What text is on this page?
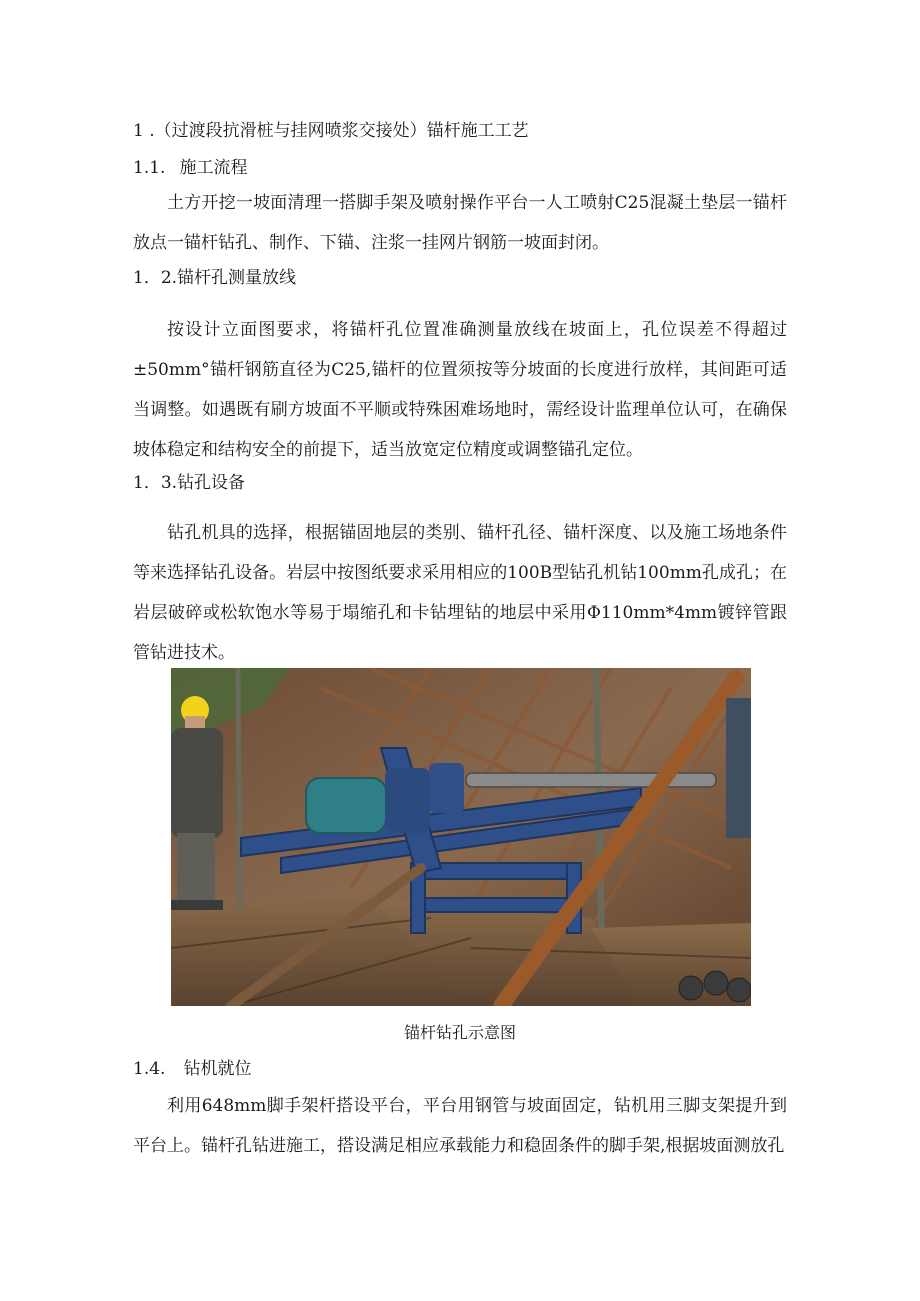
1 .（过渡段抗滑桩与挂网喷浆交接处）锚杆施工工艺
1.1. 施工流程
土方开挖一坡面清理一搭脚手架及喷射操作平台一人工喷射C25混凝土垫层一锚杆放点一锚杆钻孔、制作、下锚、注浆一挂网片钢筋一坡面封闭。
1．2.锚杆孔测量放线
按设计立面图要求，将锚杆孔位置准确测量放线在坡面上，孔位误差不得超过±50mm°锚杆钢筋直径为C25,锚杆的位置须按等分坡面的长度进行放样，其间距可适当调整。如遇既有刷方坡面不平顺或特殊困难场地时，需经设计监理单位认可，在确保坡体稳定和结构安全的前提下，适当放宽定位精度或调整锚孔定位。
1．3.钻孔设备
钻孔机具的选择，根据锚固地层的类别、锚杆孔径、锚杆深度、以及施工场地条件等来选择钻孔设备。岩层中按图纸要求采用相应的100B型钻孔机钻100mm孔成孔；在岩层破碎或松软饱水等易于塌缩孔和卡钻埋钻的地层中采用Φ110mm*4mm镀锌管跟管钻进技术。
锚杆钻孔示意图
1.4. 钻机就位
利用648mm脚手架杆搭设平台，平台用钢管与坡面固定，钻机用三脚支架提升到平台上。锚杆孔钻进施工，搭设满足相应承载能力和稳固条件的脚手架,根据坡面测放孔
